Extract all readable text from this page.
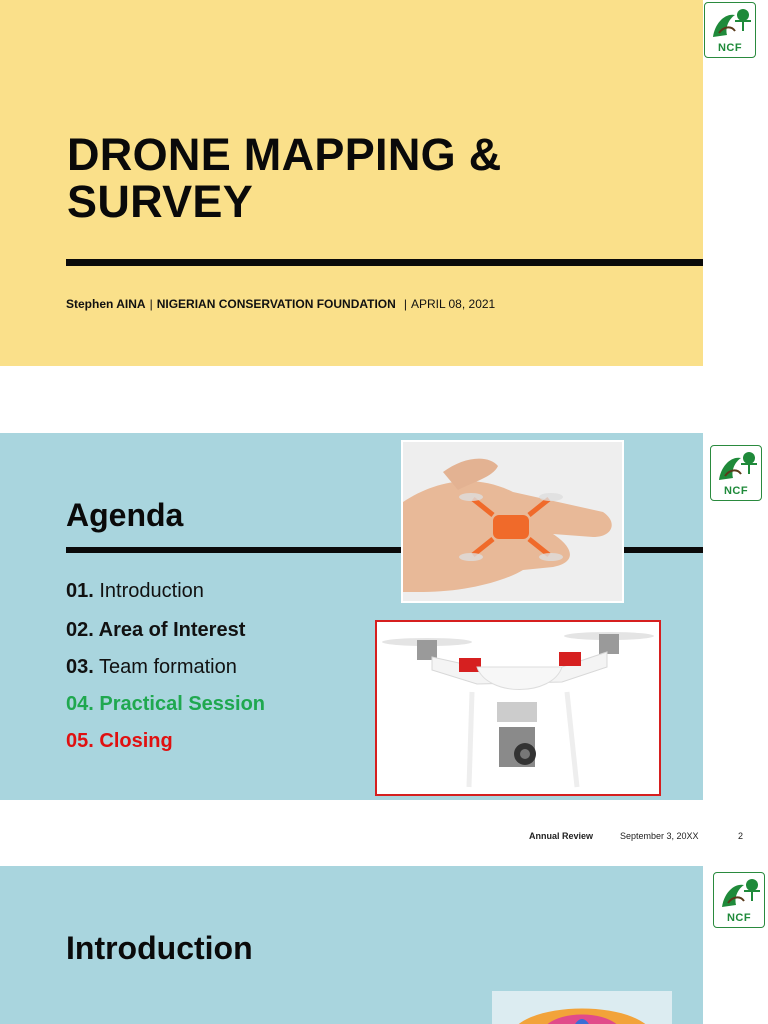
DRONE MAPPING &
SURVEY
Stephen AINA | NIGERIAN CONSERVATION FOUNDATION | APRIL 08, 2021
NCF
Agenda
01. Introduction
02. Area of Interest
03. Team formation
04. Practical Session
05. Closing
NCF
Annual Review	September 3, 20XX	2
Introduction
NCF
